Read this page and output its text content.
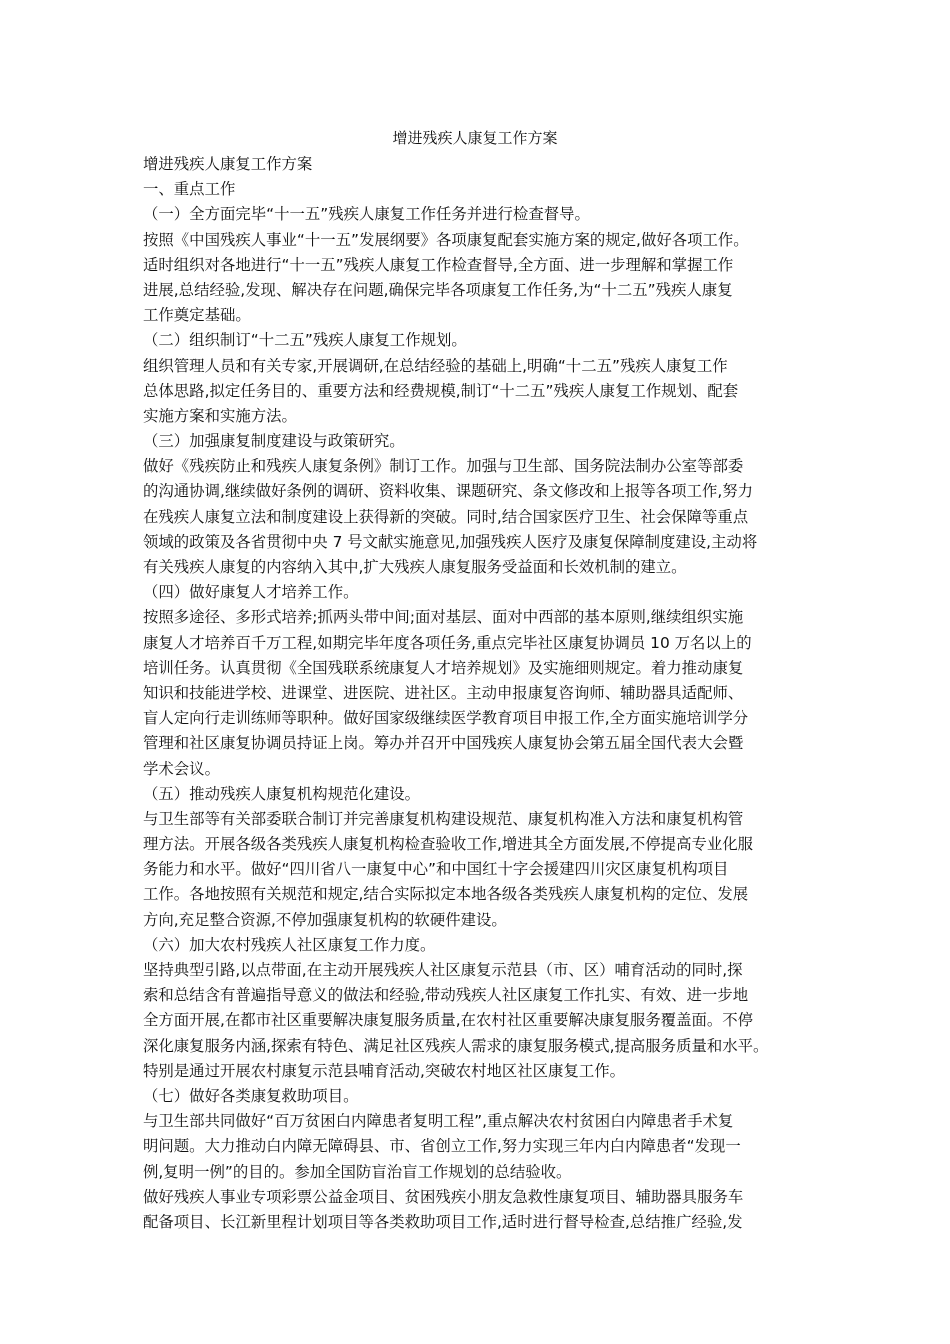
增进残疾人康复工作方案
增进残疾人康复工作方案
一、重点工作
（一）全方面完毕“十一五”残疾人康复工作任务并进行检查督导。
按照《中国残疾人事业“十一五”发展纲要》各项康复配套实施方案的规定,做好各项工作。
适时组织对各地进行“十一五”残疾人康复工作检查督导,全方面、进一步理解和掌握工作
进展,总结经验,发现、解决存在问题,确保完毕各项康复工作任务,为“十二五”残疾人康复
工作奠定基础。
（二）组织制订“十二五”残疾人康复工作规划。
组织管理人员和有关专家,开展调研,在总结经验的基础上,明确“十二五”残疾人康复工作
总体思路,拟定任务目的、重要方法和经费规模,制订“十二五”残疾人康复工作规划、配套
实施方案和实施方法。
（三）加强康复制度建设与政策研究。
做好《残疾防止和残疾人康复条例》制订工作。加强与卫生部、国务院法制办公室等部委
的沟通协调,继续做好条例的调研、资料收集、课题研究、条文修改和上报等各项工作,努力
在残疾人康复立法和制度建设上获得新的突破。同时,结合国家医疗卫生、社会保障等重点
领域的政策及各省贯彻中央 7 号文献实施意见,加强残疾人医疗及康复保障制度建设,主动将
有关残疾人康复的内容纳入其中,扩大残疾人康复服务受益面和长效机制的建立。
（四）做好康复人才培养工作。
按照多途径、多形式培养;抓两头带中间;面对基层、面对中西部的基本原则,继续组织实施
康复人才培养百千万工程,如期完毕年度各项任务,重点完毕社区康复协调员 10 万名以上的
培训任务。认真贯彻《全国残联系统康复人才培养规划》及实施细则规定。着力推动康复
知识和技能进学校、进课堂、进医院、进社区。主动申报康复咨询师、辅助器具适配师、
盲人定向行走训练师等职种。做好国家级继续医学教育项目申报工作,全方面实施培训学分
管理和社区康复协调员持证上岗。筹办并召开中国残疾人康复协会第五届全国代表大会暨
学术会议。
（五）推动残疾人康复机构规范化建设。
与卫生部等有关部委联合制订并完善康复机构建设规范、康复机构准入方法和康复机构管
理方法。开展各级各类残疾人康复机构检查验收工作,增进其全方面发展,不停提高专业化服
务能力和水平。做好“四川省八一康复中心”和中国红十字会援建四川灾区康复机构项目
工作。各地按照有关规范和规定,结合实际拟定本地各级各类残疾人康复机构的定位、发展
方向,充足整合资源,不停加强康复机构的软硬件建设。
（六）加大农村残疾人社区康复工作力度。
坚持典型引路,以点带面,在主动开展残疾人社区康复示范县（市、区）哺育活动的同时,探
索和总结含有普遍指导意义的做法和经验,带动残疾人社区康复工作扎实、有效、进一步地
全方面开展,在都市社区重要解决康复服务质量,在农村社区重要解决康复服务覆盖面。不停
深化康复服务内涵,探索有特色、满足社区残疾人需求的康复服务模式,提高服务质量和水平。
特别是通过开展农村康复示范县哺育活动,突破农村地区社区康复工作。
（七）做好各类康复救助项目。
与卫生部共同做好“百万贫困白内障患者复明工程”,重点解决农村贫困白内障患者手术复
明问题。大力推动白内障无障碍县、市、省创立工作,努力实现三年内白内障患者“发现一
例,复明一例”的目的。参加全国防盲治盲工作规划的总结验收。
做好残疾人事业专项彩票公益金项目、贫困残疾小朋友急救性康复项目、辅助器具服务车
配备项目、长江新里程计划项目等各类救助项目工作,适时进行督导检查,总结推广经验,发
